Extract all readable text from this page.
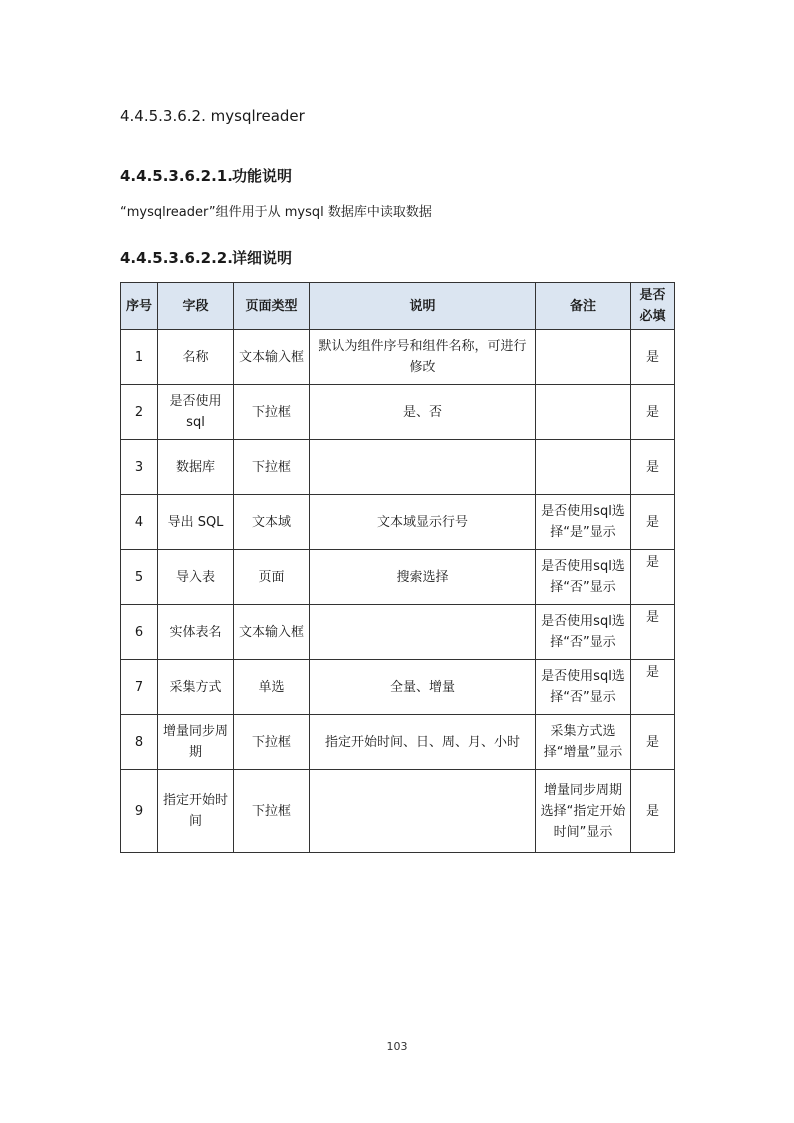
4.4.5.3.6.2. mysqlreader
4.4.5.3.6.2.1.功能说明
“mysqlreader”组件用于从 mysql 数据库中读取数据
4.4.5.3.6.2.2.详细说明
序号	字段	页面类型	说明	备注	是否必填
1	名称	文本输入框	默认为组件序号和组件名称，可进行修改		是
2	是否使用sql	下拉框	是、否		是
3	数据库	下拉框			是
4	导出 SQL	文本域	文本域显示行号	是否使用sql选择“是”显示	是
5	导入表	页面	搜索选择	是否使用sql选择“否”显示	是
6	实体表名	文本输入框		是否使用sql选择“否”显示	是
7	采集方式	单选	全量、增量	是否使用sql选择“否”显示	是
8	增量同步周期	下拉框	指定开始时间、日、周、月、小时	采集方式选择“增量”显示	是
9	指定开始时间	下拉框		增量同步周期选择“指定开始时间”显示	是
103
